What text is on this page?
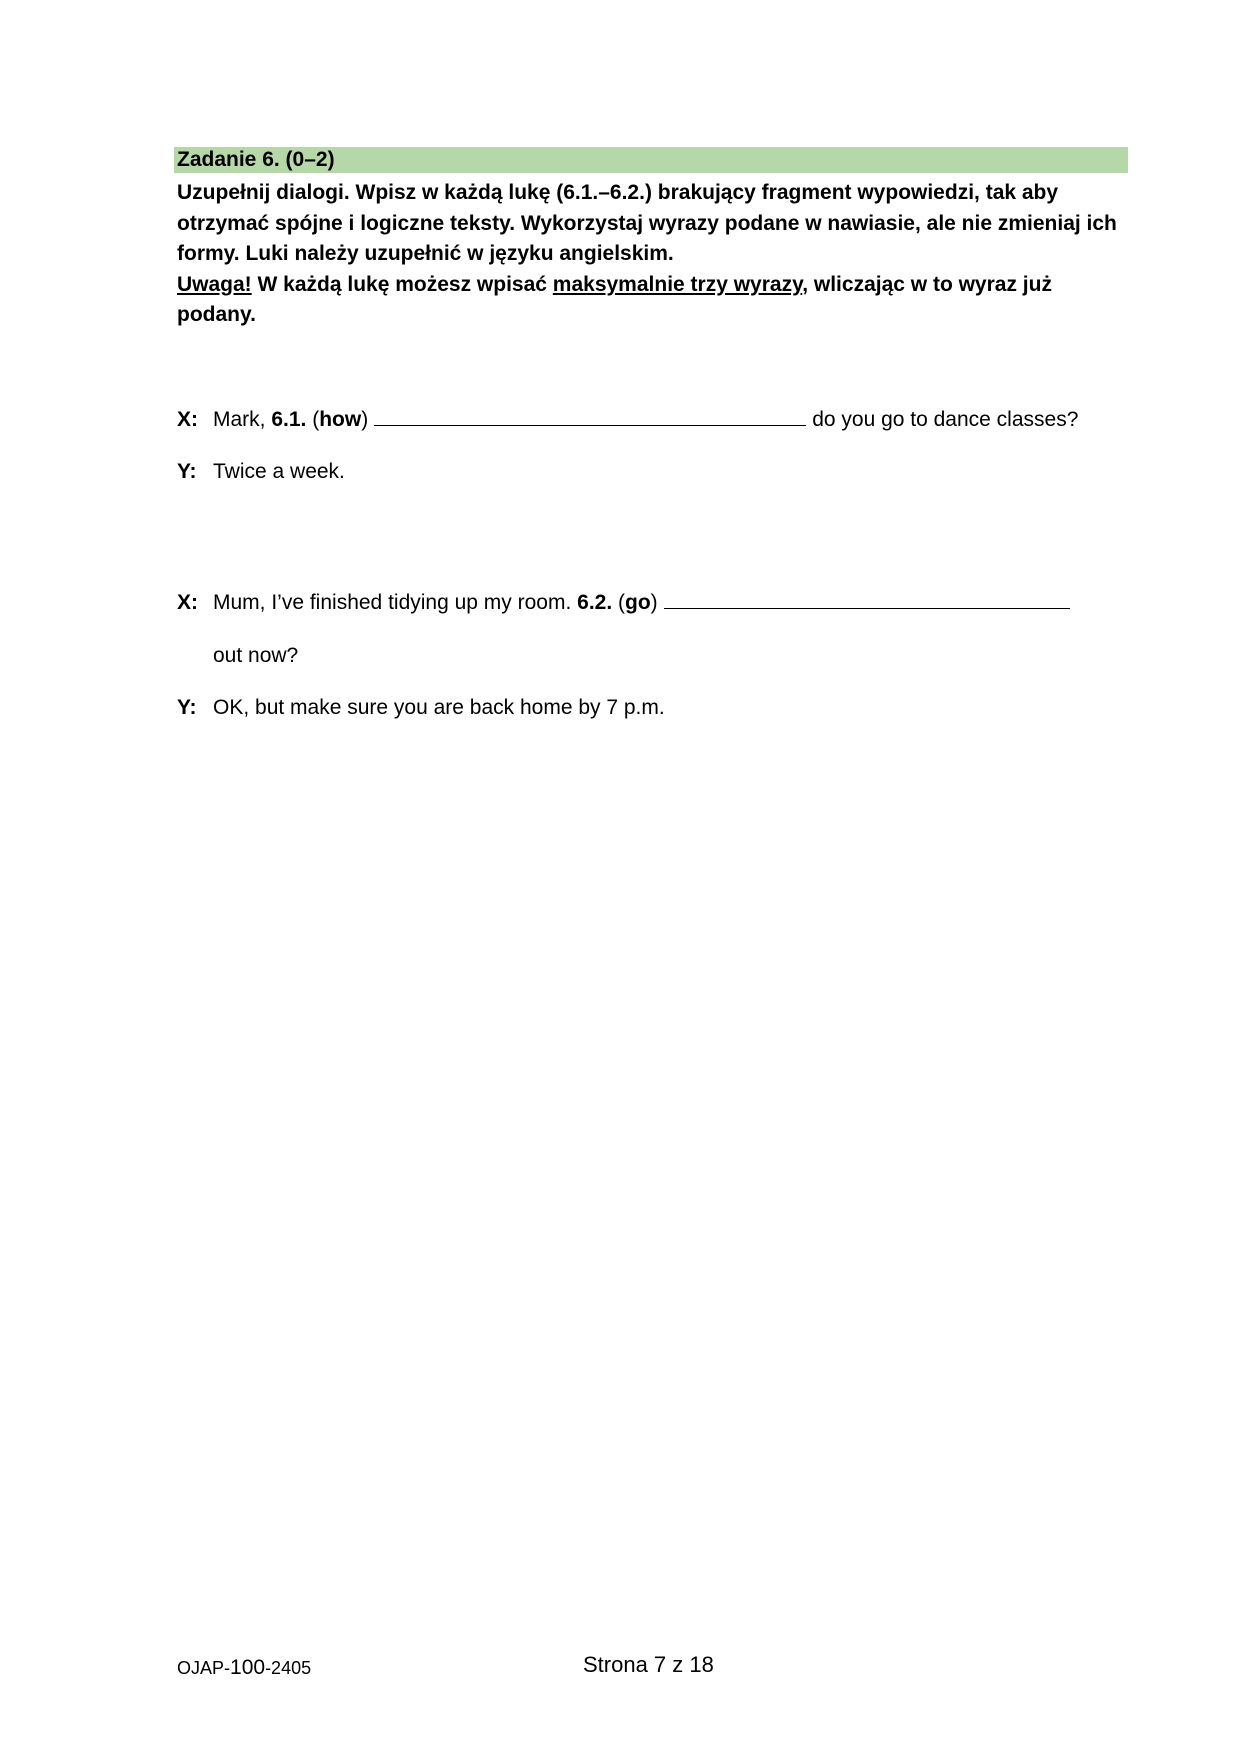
Zadanie 6. (0–2)

Uzupełnij dialogi. Wpisz w każdą lukę (6.1.–6.2.) brakujący fragment wypowiedzi, tak aby otrzymać spójne i logiczne teksty. Wykorzystaj wyrazy podane w nawiasie, ale nie zmieniaj ich formy. Luki należy uzupełnić w języku angielskim.

Uwaga! W każdą lukę możesz wpisać maksymalnie trzy wyrazy, wliczając w to wyraz już podany.

X: Mark, 6.1. (how)	do you go to dance classes?
Y: Twice a week.
X: Mum, I’ve finished tidying up my room. 6.2. (go)
out now?
Y: OK, but make sure you are back home by 7 p.m.
OJAP-100-2405	Strona 7 z 18
